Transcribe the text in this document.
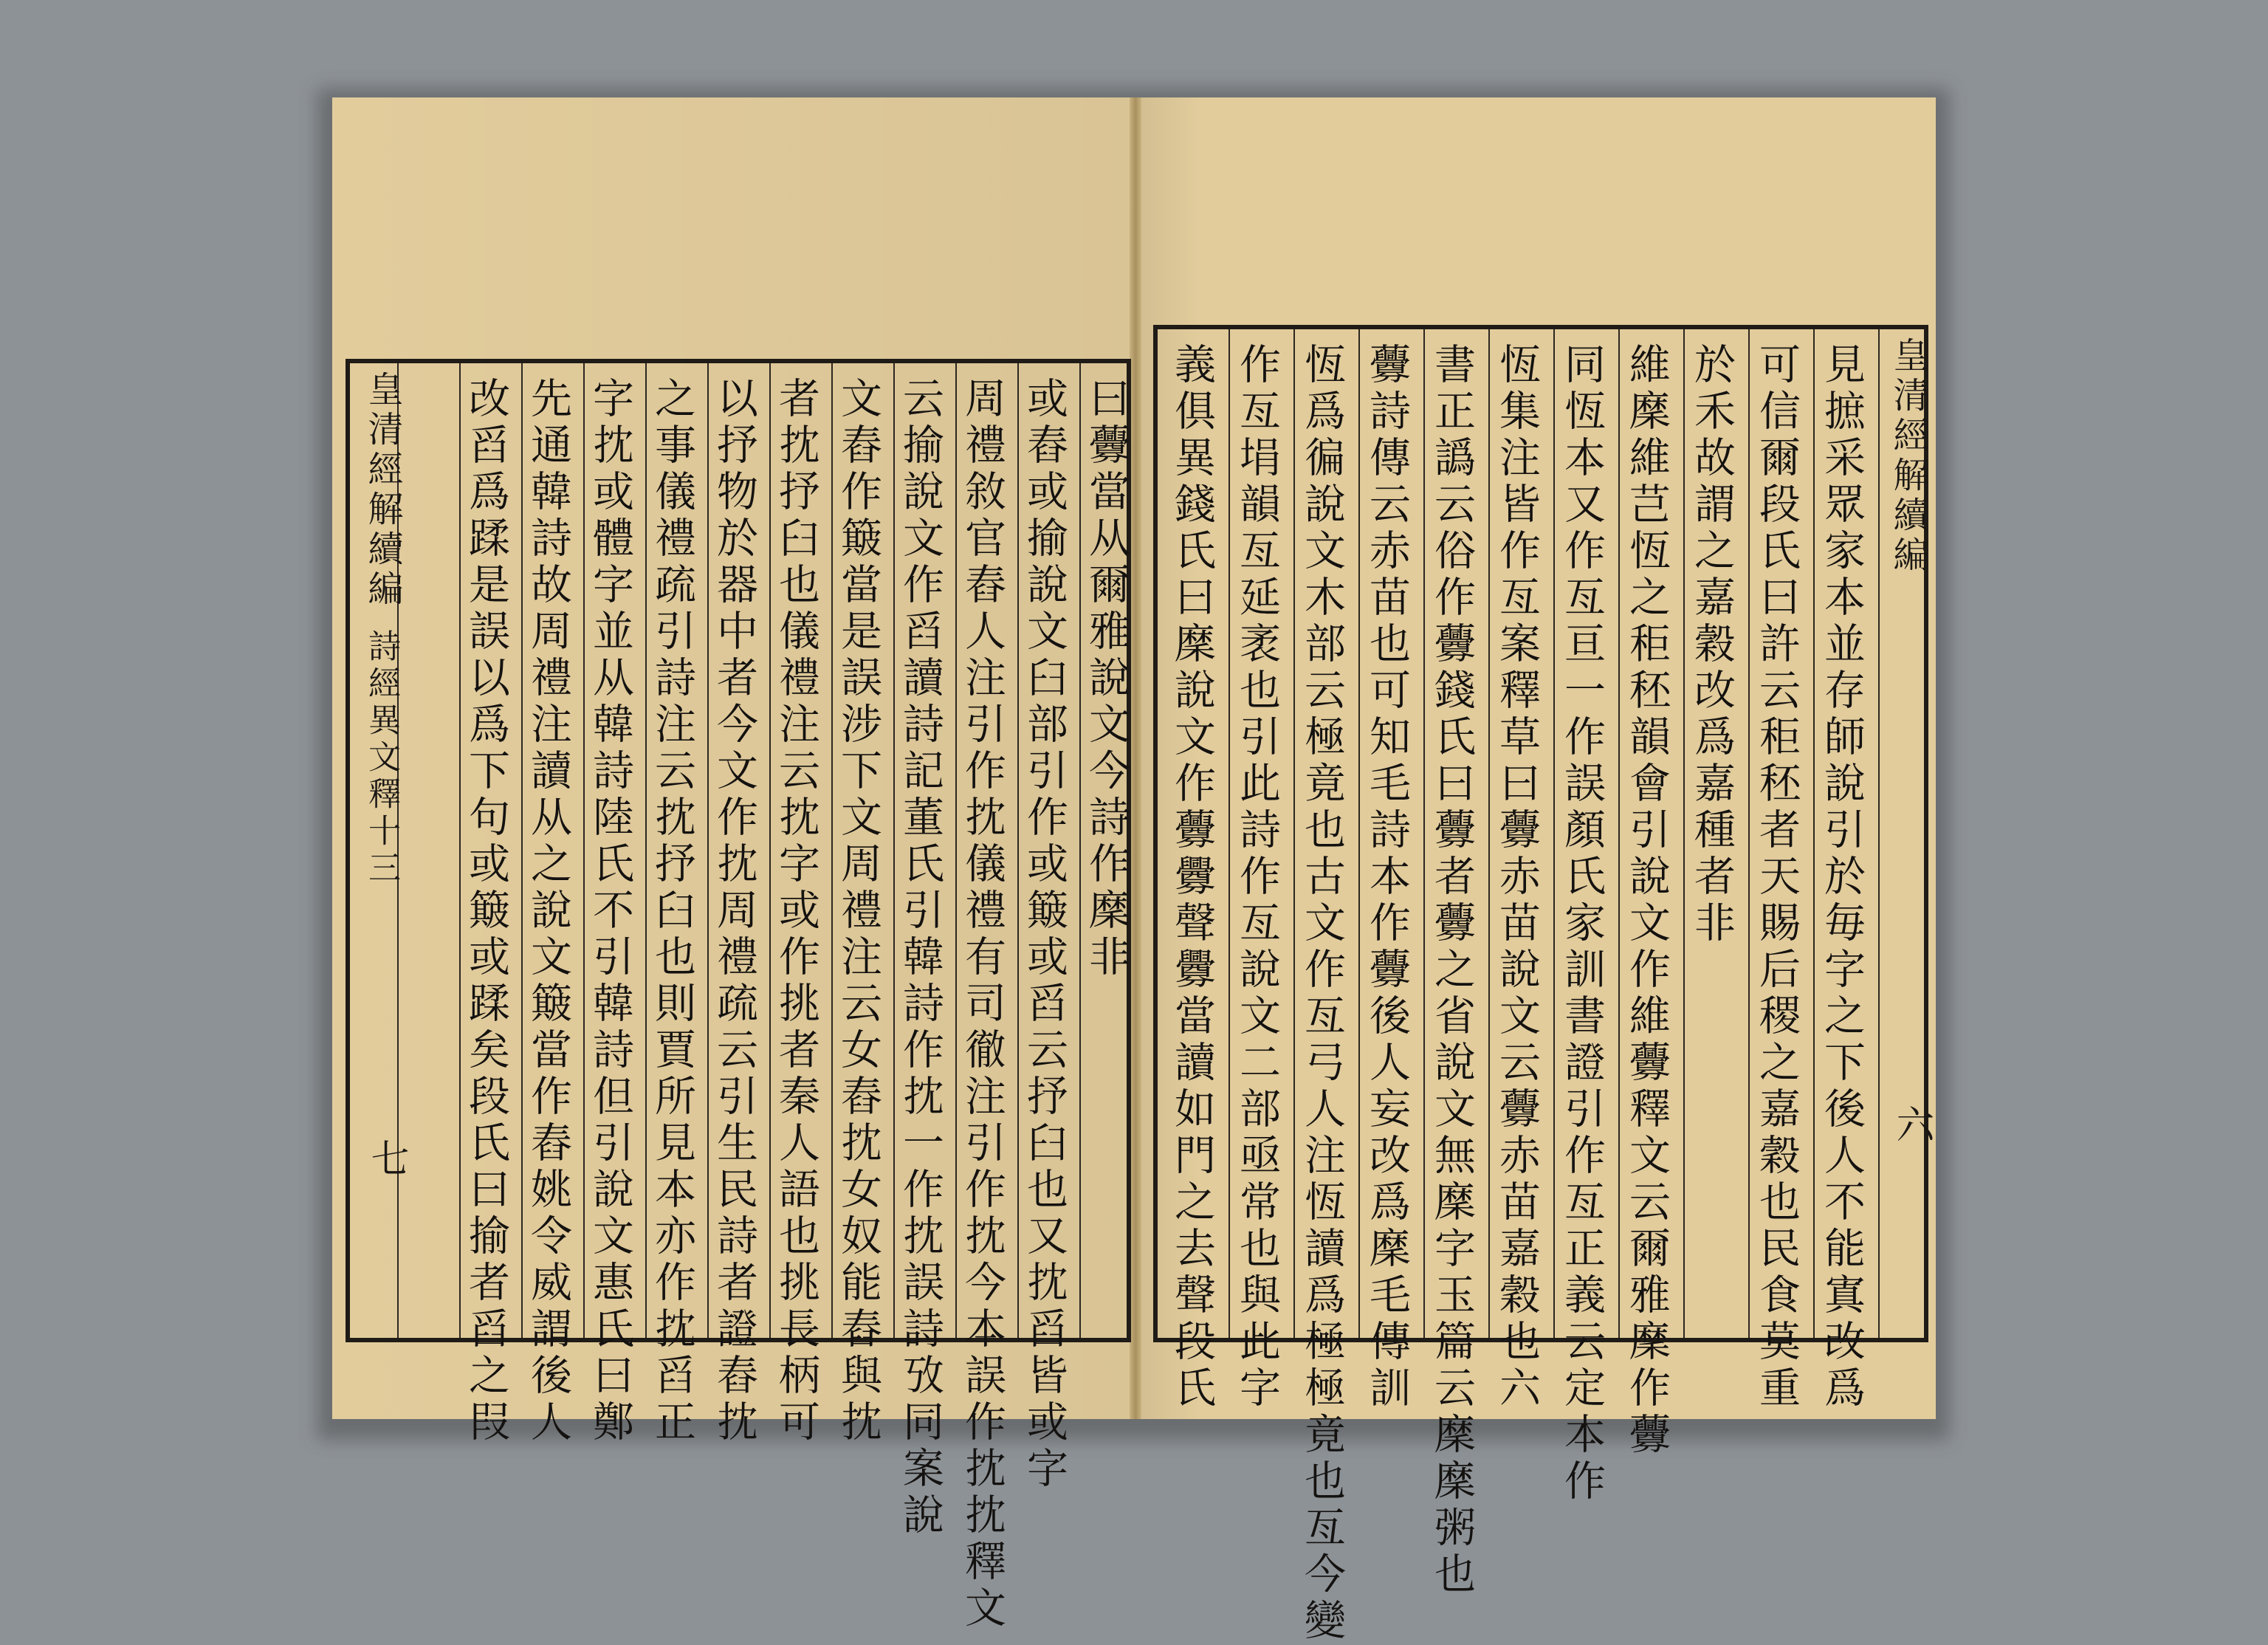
皇清經解續編
詩經異文釋十三
七
曰虋當从爾雅說文今詩作穈非
或舂或揄說文臼部引作或簸或舀云抒臼也又抌舀皆或字
周禮敘官舂人注引作抌儀禮有司徹注引作抌今本誤作抌抌釋文
云揄說文作舀讀詩記董氏引韓詩作抌一作抌誤詩攷同案說
文舂作簸當是誤涉下文周禮注云女舂抌女奴能舂與抌
者抌抒臼也儀禮注云抌字或作挑者秦人語也挑長柄可
以抒物於器中者今文作抌周禮疏云引生民詩者證舂抌
之事儀禮疏引詩注云抌抒臼也則賈所見本亦作抌舀正
字抌或體字並从韓詩陸氏不引韓詩但引說文惠氏曰鄭
先通韓詩故周禮注讀从之說文簸當作舂姚令威謂後人
改舀爲蹂是誤以爲下句或簸或蹂矣段氏曰揄者舀之叚	皇清經解續編
六
見摭采眾家本並存師說引於毎字之下後人不能寘改爲
可信爾段氏曰許云秬秠者天賜后稷之嘉穀也民食莫重
於禾故謂之嘉穀改爲嘉種者非
維穈維芑恆之秬秠韻會引說文作維虋釋文云爾雅穈作虋
同恆本又作亙亘一作誤顏氏家訓書證引作亙正義云定本作
恆集注皆作亙案釋草曰虋赤苗說文云虋赤苗嘉穀也六
書正譌云俗作虋錢氏曰虋者虋之省說文無穈字玉篇云穈穈粥也
虋詩傳云赤苗也可知毛詩本作虋後人妄改爲穈毛傳訓
恆爲徧說文木部云極竟也古文作亙弓人注恆讀爲極極竟也亙今變
作亙埍韻亙延袤也引此詩作亙說文二部亟常也與此字
義俱異錢氏曰穈說文作虋釁聲釁當讀如門之去聲段氏
